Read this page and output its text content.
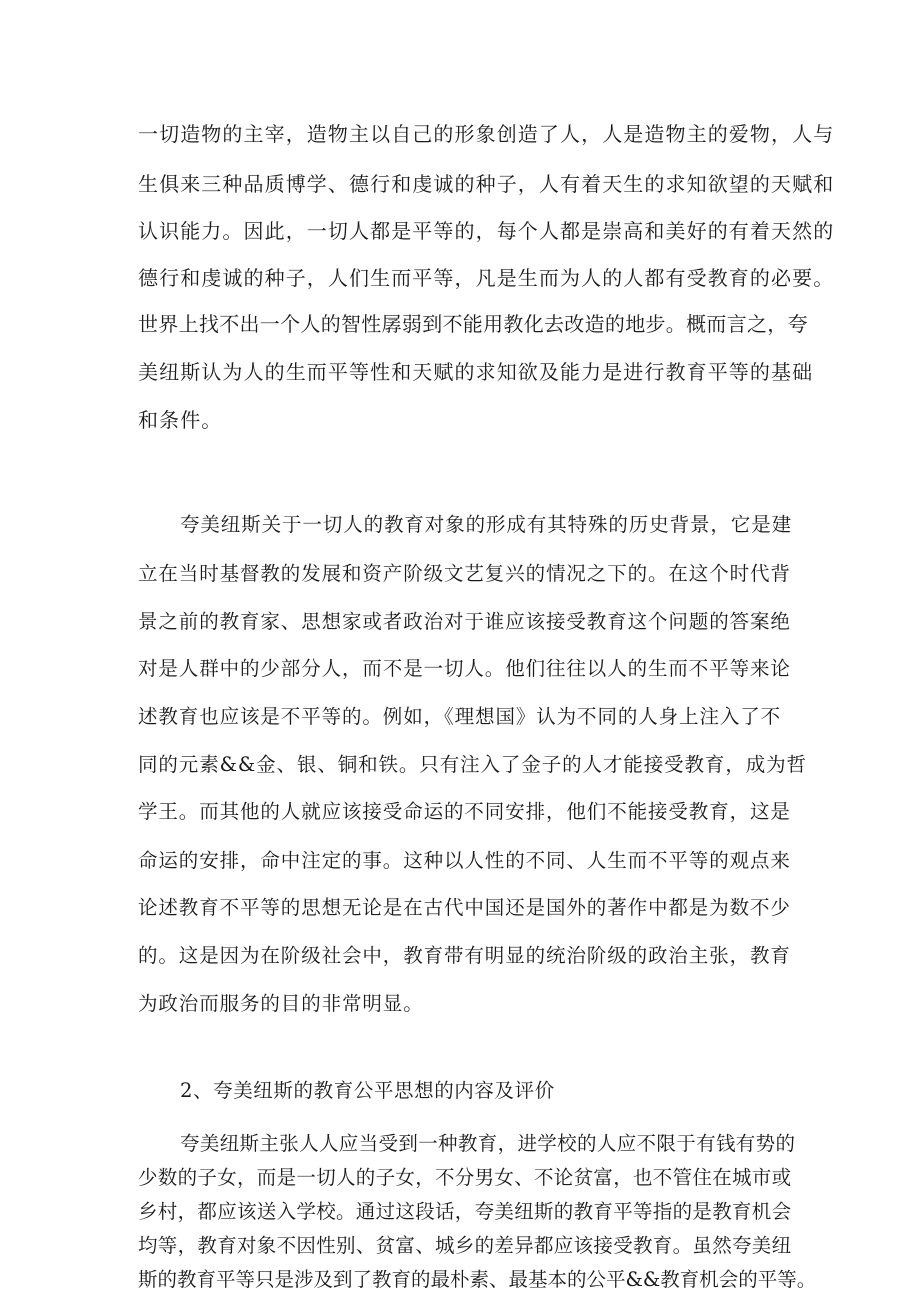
一切造物的主宰，造物主以自己的形象创造了人，人是造物主的爱物，人与
生俱来三种品质博学、德行和虔诚的种子，人有着天生的求知欲望的天赋和
认识能力。因此，一切人都是平等的，每个人都是崇高和美好的有着天然的
德行和虔诚的种子，人们生而平等，凡是生而为人的人都有受教育的必要。
世界上找不出一个人的智性孱弱到不能用教化去改造的地步。概而言之，夸
美纽斯认为人的生而平等性和天赋的求知欲及能力是进行教育平等的基础
和条件。
夸美纽斯关于一切人的教育对象的形成有其特殊的历史背景，它是建
立在当时基督教的发展和资产阶级文艺复兴的情况之下的。在这个时代背
景之前的教育家、思想家或者政治对于谁应该接受教育这个问题的答案绝
对是人群中的少部分人，而不是一切人。他们往往以人的生而不平等来论
述教育也应该是不平等的。例如，《理想国》认为不同的人身上注入了不
同的元素&&金、银、铜和铁。只有注入了金子的人才能接受教育，成为哲
学王。而其他的人就应该接受命运的不同安排，他们不能接受教育，这是
命运的安排，命中注定的事。这种以人性的不同、人生而不平等的观点来
论述教育不平等的思想无论是在古代中国还是国外的著作中都是为数不少
的。这是因为在阶级社会中，教育带有明显的统治阶级的政治主张，教育
为政治而服务的目的非常明显。
2、夸美纽斯的教育公平思想的内容及评价
夸美纽斯主张人人应当受到一种教育，进学校的人应不限于有钱有势的
少数的子女，而是一切人的子女，不分男女、不论贫富，也不管住在城市或
乡村，都应该送入学校。通过这段话，夸美纽斯的教育平等指的是教育机会
均等，教育对象不因性别、贫富、城乡的差异都应该接受教育。虽然夸美纽
斯的教育平等只是涉及到了教育的最朴素、最基本的公平&&教育机会的平等。
